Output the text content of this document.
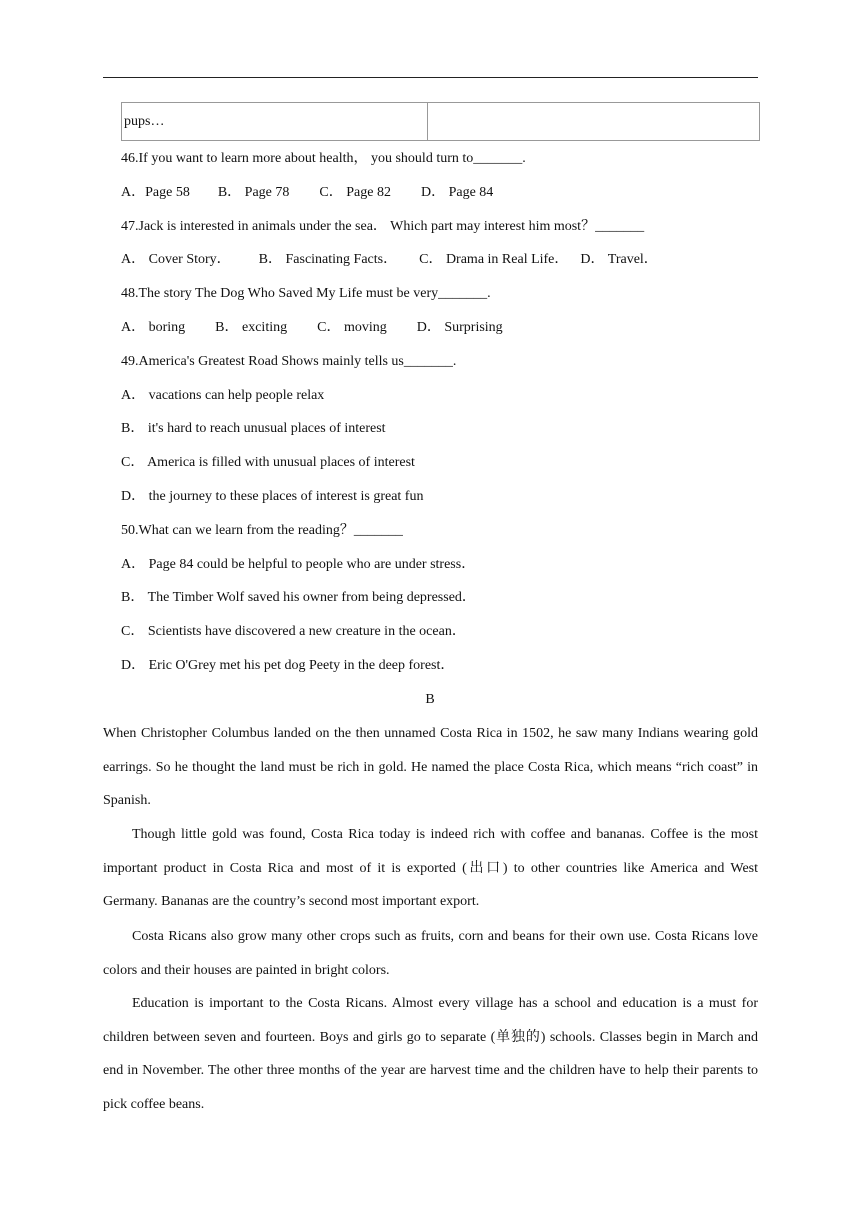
pups…	
46.If you want to learn more about health， you should turn to_______.
A．Page 58 B． Page 78 C． Page 82 D． Page 84
47.Jack is interested in animals under the sea． Which part may interest him most？_______
A． Cover Story． B． Fascinating Facts． C． Drama in Real Life． D． Travel．
48.The story The Dog Who Saved My Life must be very_______.
A． boring B． exciting C． moving D． Surprising
49.America's Greatest Road Shows mainly tells us_______.
A． vacations can help people relax
B． it's hard to reach unusual places of interest
C． America is filled with unusual places of interest
D． the journey to these places of interest is great fun
50.What can we learn from the reading？_______
A． Page 84 could be helpful to people who are under stress．
B． The Timber Wolf saved his owner from being depressed．
C． Scientists have discovered a new creature in the ocean．
D． Eric O'Grey met his pet dog Peety in the deep forest．
B

When Christopher Columbus landed on the then unnamed Costa Rica in 1502, he saw many Indians wearing gold earrings. So he thought the land must be rich in gold. He named the place Costa Rica, which means “rich coast” in Spanish.

Though little gold was found, Costa Rica today is indeed rich with coffee and bananas. Coffee is the most important product in Costa Rica and most of it is exported (出口) to other countries like America and West Germany. Bananas are the country’s second most important export.

Costa Ricans also grow many other crops such as fruits, corn and beans for their own use. Costa Ricans love colors and their houses are painted in bright colors.

Education is important to the Costa Ricans. Almost every village has a school and education is a must for children between seven and fourteen. Boys and girls go to separate (单独的) schools. Classes begin in March and end in November. The other three months of the year are harvest time and the children have to help their parents to pick coffee beans.
